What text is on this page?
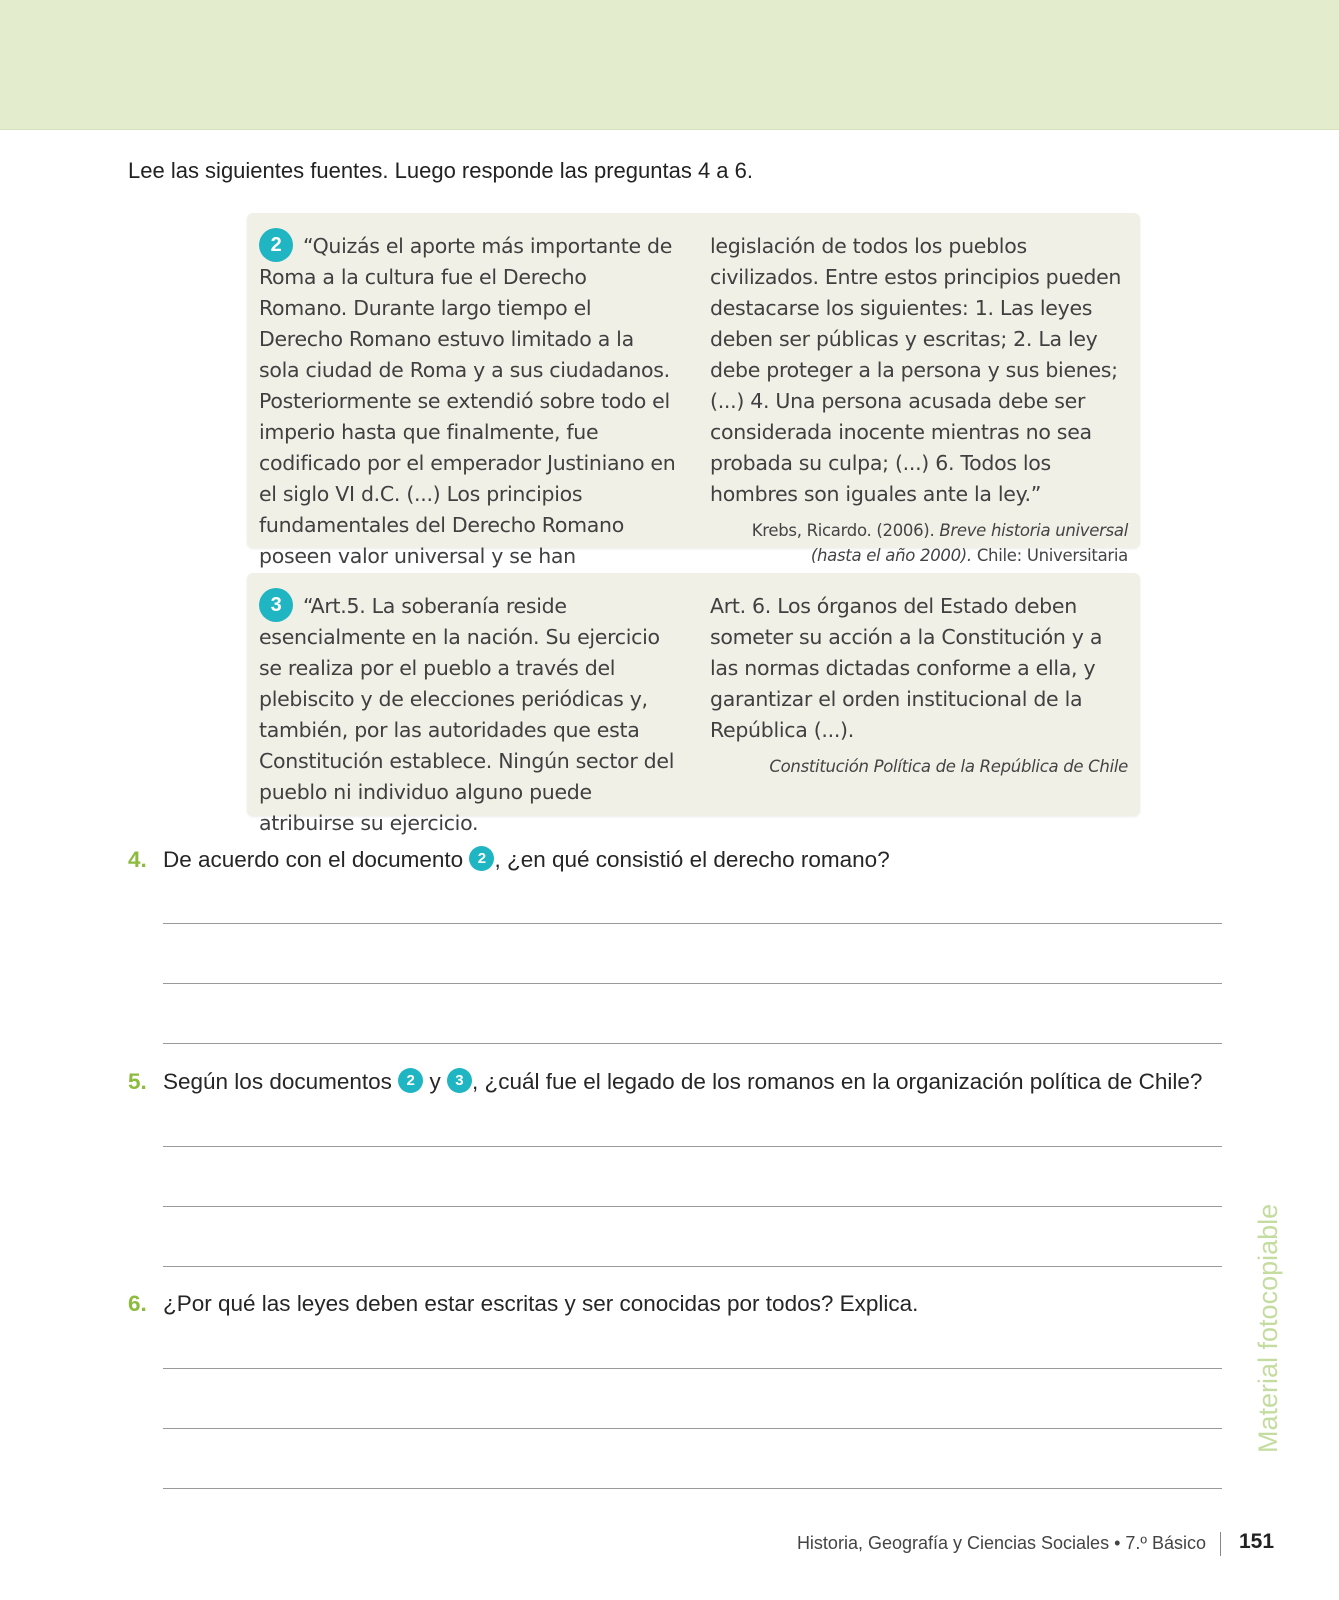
Lee las siguientes fuentes. Luego responde las preguntas 4 a 6.
2 “Quizás el aporte más importante de Roma a la cultura fue el Derecho Romano. Durante largo tiempo el Derecho Romano estuvo limitado a la sola ciudad de Roma y a sus ciudadanos. Posteriormente se extendió sobre todo el imperio hasta que finalmente, fue codificado por el emperador Justiniano en el siglo VI d.C. (...) Los principios fundamentales del Derecho Romano poseen valor universal y se han
legislación de todos los pueblos civilizados. Entre estos principios pueden destacarse los siguientes: 1. Las leyes deben ser públicas y escritas; 2. La ley debe proteger a la persona y sus bienes; (...) 4. Una persona acusada debe ser considerada inocente mientras no sea probada su culpa; (...) 6. Todos los hombres son iguales ante la ley.”
Krebs, Ricardo. (2006). Breve historia universal (hasta el año 2000). Chile: Universitaria
3 “Art.5. La soberanía reside esencialmente en la nación. Su ejercicio se realiza por el pueblo a través del plebiscito y de elecciones periódicas y, también, por las autoridades que esta Constitución establece. Ningún sector del pueblo ni individuo alguno puede atribuirse su ejercicio.
Art. 6. Los órganos del Estado deben someter su acción a la Constitución y a las normas dictadas conforme a ella, y garantizar el orden institucional de la República (...).
Constitución Política de la República de Chile
4. De acuerdo con el documento 2 , ¿en qué consistió el derecho romano?
5. Según los documentos 2 y 3 , ¿cuál fue el legado de los romanos en la organización política de Chile?
6. ¿Por qué las leyes deben estar escritas y ser conocidas por todos? Explica.	Material fotocopiable
Historia, Geografía y Ciencias Sociales • 7.º Básico 151
